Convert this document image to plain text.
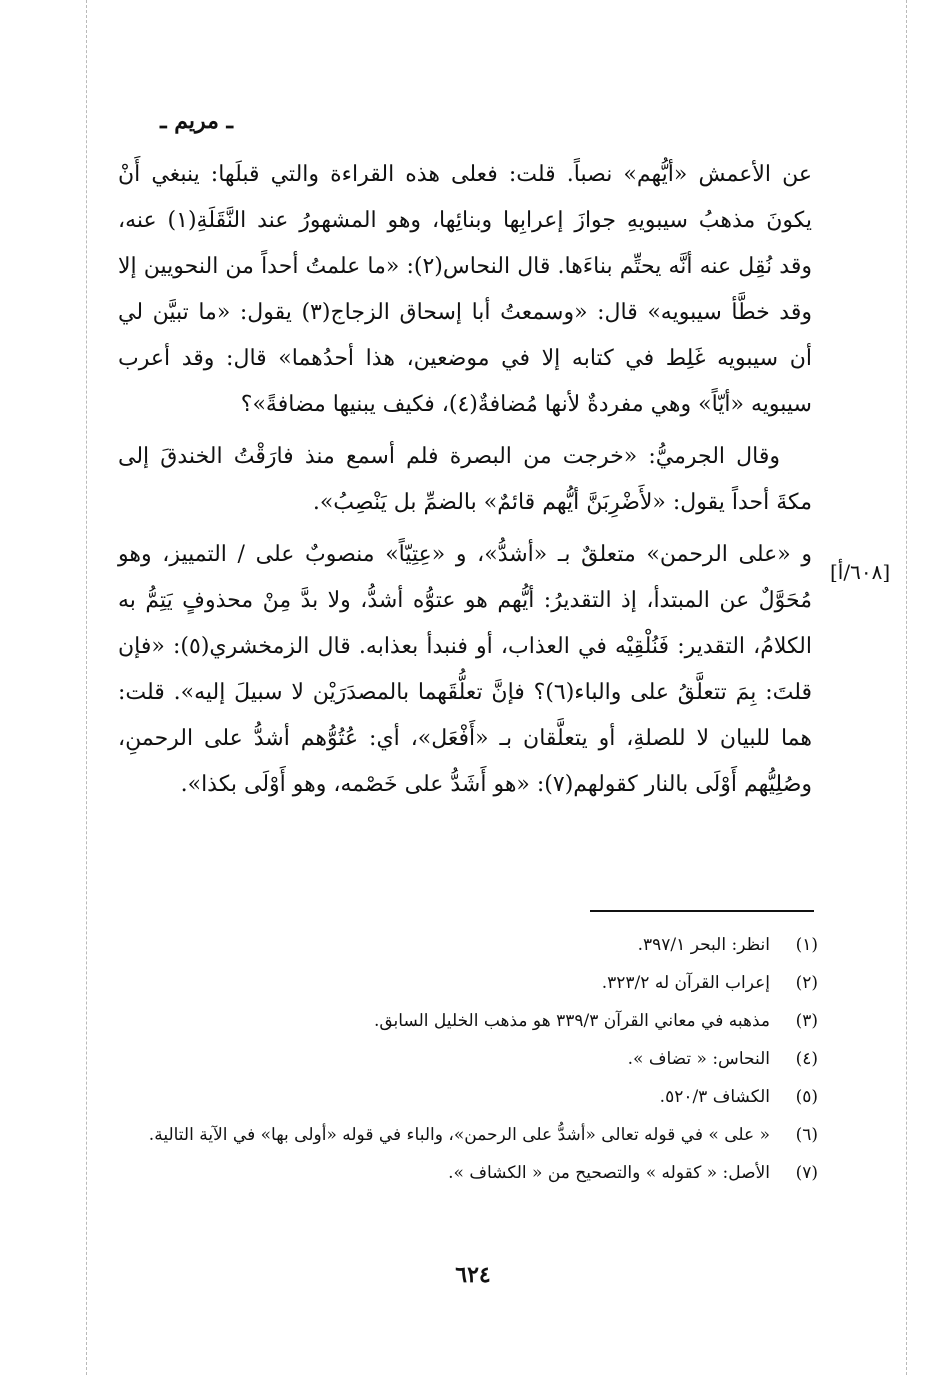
ـ مريم ـ
[٦٠٨/أ]

عن الأعمش «أيُّهم» نصباً. قلت: فعلى هذه القراءة والتي قبلَها: ينبغي أَنْ يكونَ مذهبُ سيبويهِ جوازَ إعرابِها وبنائِها، وهو المشهورُ عند النَّقَلَةِ(١) عنه، وقد نُقِل عنه أنَّه يحتِّم بناءَها. قال النحاس(٢): «ما علمتُ أحداً من النحويين إلا وقد خطَّأ سيبويه» قال: «وسمعتُ أبا إسحاق الزجاج(٣) يقول: «ما تبيَّن لي أن سيبويه غَلِط في كتابه إلا في موضعين، هذا أحدُهما» قال: وقد أعرب سيبويه «أيّاً» وهي مفردةٌ لأنها مُضافةٌ(٤)، فكيف يبنيها مضافةً»؟

وقال الجرميُّ: «خرجت من البصرة فلم أسمع منذ فارَقْتُ الخندقَ إلى مكةَ أحداً يقول: «لأَضْرِبَنَّ أيُّهم قائمٌ» بالضمِّ بل يَنْصِبُ».

و «على الرحمن» متعلقٌ بـ «أشدُّ»، و «عِتِيّاً» منصوبٌ على / التمييز، وهو مُحَوَّلٌ عن المبتدأ، إذ التقديرُ: أيُّهم هو عتوُّه أشدُّ، ولا بدَّ مِنْ محذوفٍ يَتِمُّ به الكلامُ، التقدير: فَنُلْقِيْه في العذاب، أو فنبدأ بعذابه. قال الزمخشري(٥): «فإن قلتَ: بِمَ تتعلَّقُ على والباء(٦)؟ فإنَّ تعلُّقَهما بالمصدَرَيْن لا سبيلَ إليه». قلت: هما للبيان لا للصلةِ، أو يتعلَّقان بـ «أَفْعَل»، أي: عُتُوُّهم أشدُّ على الرحمنِ، وصُلِيُّهم أَوْلَى بالنار كقولهم(٧): «هو أَشَدُّ على خَصْمه، وهو أَوْلَى بكذا».

(١)
انظر: البحر ٣٩٧/١.
(٢)
إعراب القرآن له ٣٢٣/٢.
(٣)
مذهبه في معاني القرآن ٣٣٩/٣ هو مذهب الخليل السابق.
(٤)
النحاس: « تضاف ».
(٥)
الكشاف ٥٢٠/٣.
(٦)
« على » في قوله تعالى «أشدُّ على الرحمن»، والباء في قوله «أولى بها» في الآية التالية.
(٧)
الأصل: « كقوله » والتصحيح من « الكشاف ».
٦٢٤
